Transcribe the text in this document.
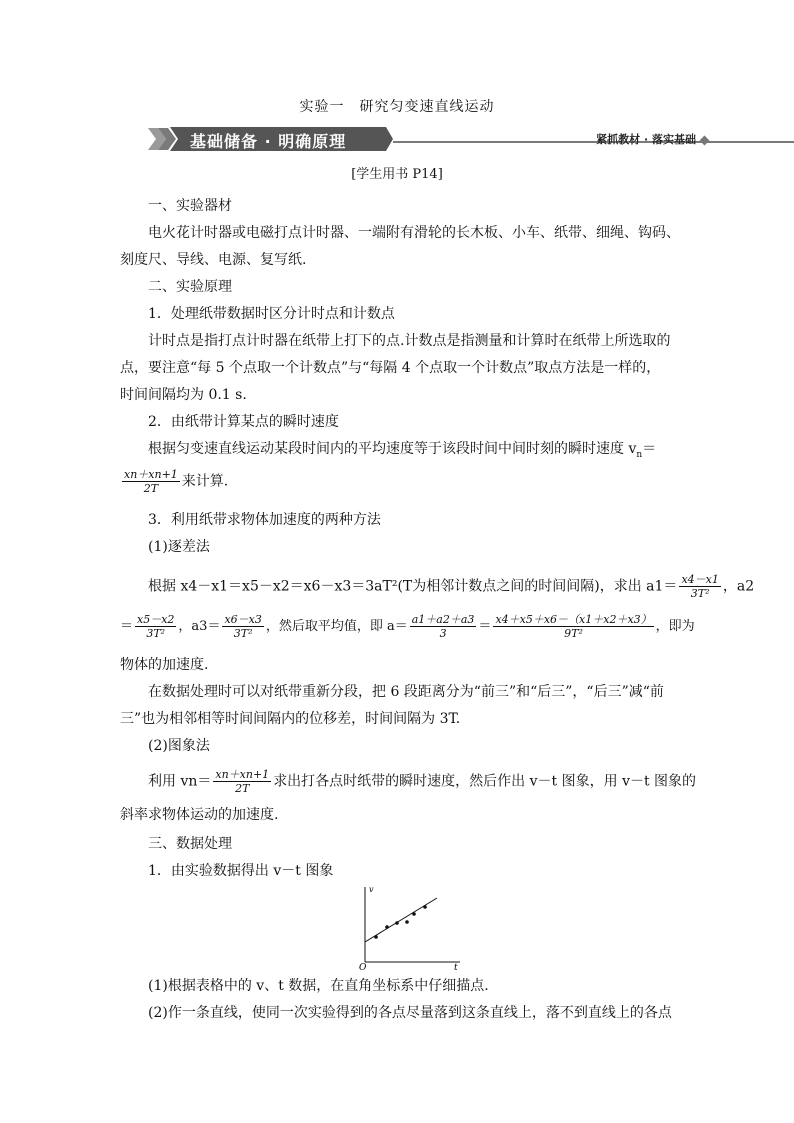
实验一　研究匀变速直线运动
基础储备 · 明确原理	紧抓教材 · 落实基础
[学生用书 P14]
一、实验器材
电火花计时器或电磁打点计时器、一端附有滑轮的长木板、小车、纸带、细绳、钩码、
刻度尺、导线、电源、复写纸.
二、实验原理
1．处理纸带数据时区分计时点和计数点
计时点是指打点计时器在纸带上打下的点.计数点是指测量和计算时在纸带上所选取的
点，要注意“每 5 个点取一个计数点”与“每隔 4 个点取一个计数点”取点方法是一样的，
时间间隔均为 0.1 s.
2．由纸带计算某点的瞬时速度
根据匀变速直线运动某段时间内的平均速度等于该段时间中间时刻的瞬时速度 $v_n=$
$\frac{xn+xn+1}{2T}$ 来计算.
3．利用纸带求物体加速度的两种方法
(1)逐差法
根据 x4－x1＝x5－x2＝x6－x3＝3aT²(T为相邻计数点之间的时间间隔)，求出 $a1= \frac{x4-x1}{\text{3T²}}$ ，a2
＝ $\frac{x5-x2}{\text{3T²}}$ ，$a3= \frac{x6-x3}{\text{3T²}}$ ，然后取平均值，即 $a= \frac{a1+a2+a3}{3} = \frac{x4+x5+x6-(x1+x2+x3)}{\text{9T²}}$ ，即为
物体的加速度.
在数据处理时可以对纸带重新分段，把 6 段距离分为“前三”和“后三”，“后三”减“前
三”也为相邻相等时间间隔内的位移差，时间间隔为 3T.
(2)图象法
利用 $vn= \frac{xn+xn+1}{2T}$ 求出打各点时纸带的瞬时速度，然后作出 v－t 图象，用 v－t 图象的
斜率求物体运动的加速度.
三、数据处理
1．由实验数据得出 v－t 图象
v
t
O
(1)根据表格中的 v、t 数据，在直角坐标系中仔细描点.
(2)作一条直线，使同一次实验得到的各点尽量落到这条直线上，落不到直线上的各点
